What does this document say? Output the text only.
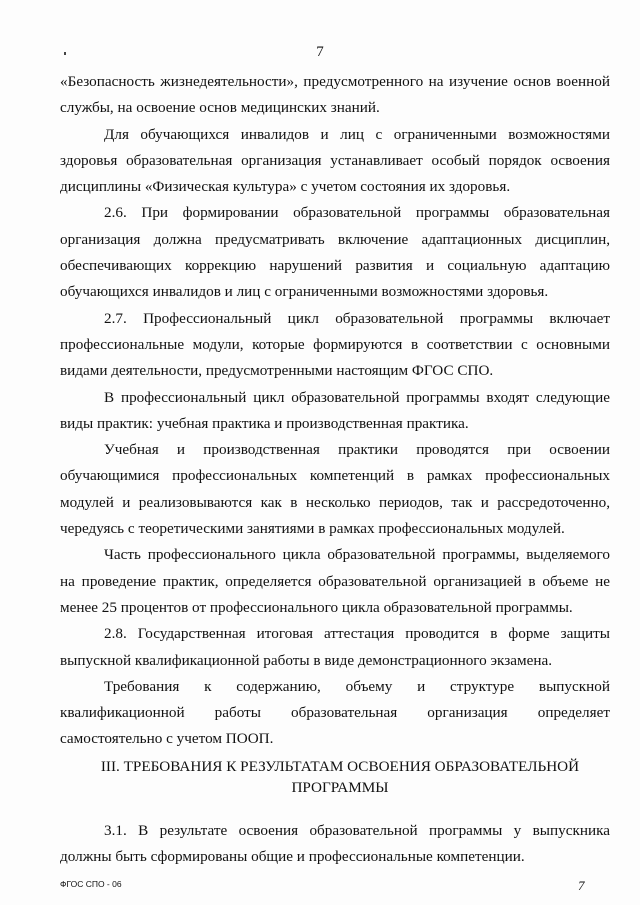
7

«Безопасность жизнедеятельности», предусмотренного на изучение основ военной службы, на освоение основ медицинских знаний.

Для обучающихся инвалидов и лиц с ограниченными возможностями здоровья образовательная организация устанавливает особый порядок освоения дисциплины «Физическая культура» с учетом состояния их здоровья.

2.6. При формировании образовательной программы образовательная организация должна предусматривать включение адаптационных дисциплин, обеспечивающих коррекцию нарушений развития и социальную адаптацию обучающихся инвалидов и лиц с ограниченными возможностями здоровья.

2.7. Профессиональный цикл образовательной программы включает профессиональные модули, которые формируются в соответствии с основными видами деятельности, предусмотренными настоящим ФГОС СПО.

В профессиональный цикл образовательной программы входят следующие виды практик: учебная практика и производственная практика.

Учебная и производственная практики проводятся при освоении обучающимися профессиональных компетенций в рамках профессиональных модулей и реализовываются как в несколько периодов, так и рассредоточенно, чередуясь с теоретическими занятиями в рамках профессиональных модулей.

Часть профессионального цикла образовательной программы, выделяемого на проведение практик, определяется образовательной организацией в объеме не менее 25 процентов от профессионального цикла образовательной программы.

2.8. Государственная итоговая аттестация проводится в форме защиты выпускной квалификационной работы в виде демонстрационного экзамена.

Требования к содержанию, объему и структуре выпускной квалификационной работы образовательная организация определяет самостоятельно с учетом ПООП.

III. ТРЕБОВАНИЯ К РЕЗУЛЬТАТАМ ОСВОЕНИЯ ОБРАЗОВАТЕЛЬНОЙ ПРОГРАММЫ

3.1. В результате освоения образовательной программы у выпускника должны быть сформированы общие и профессиональные компетенции.

ФГОС СПО - 06	7
